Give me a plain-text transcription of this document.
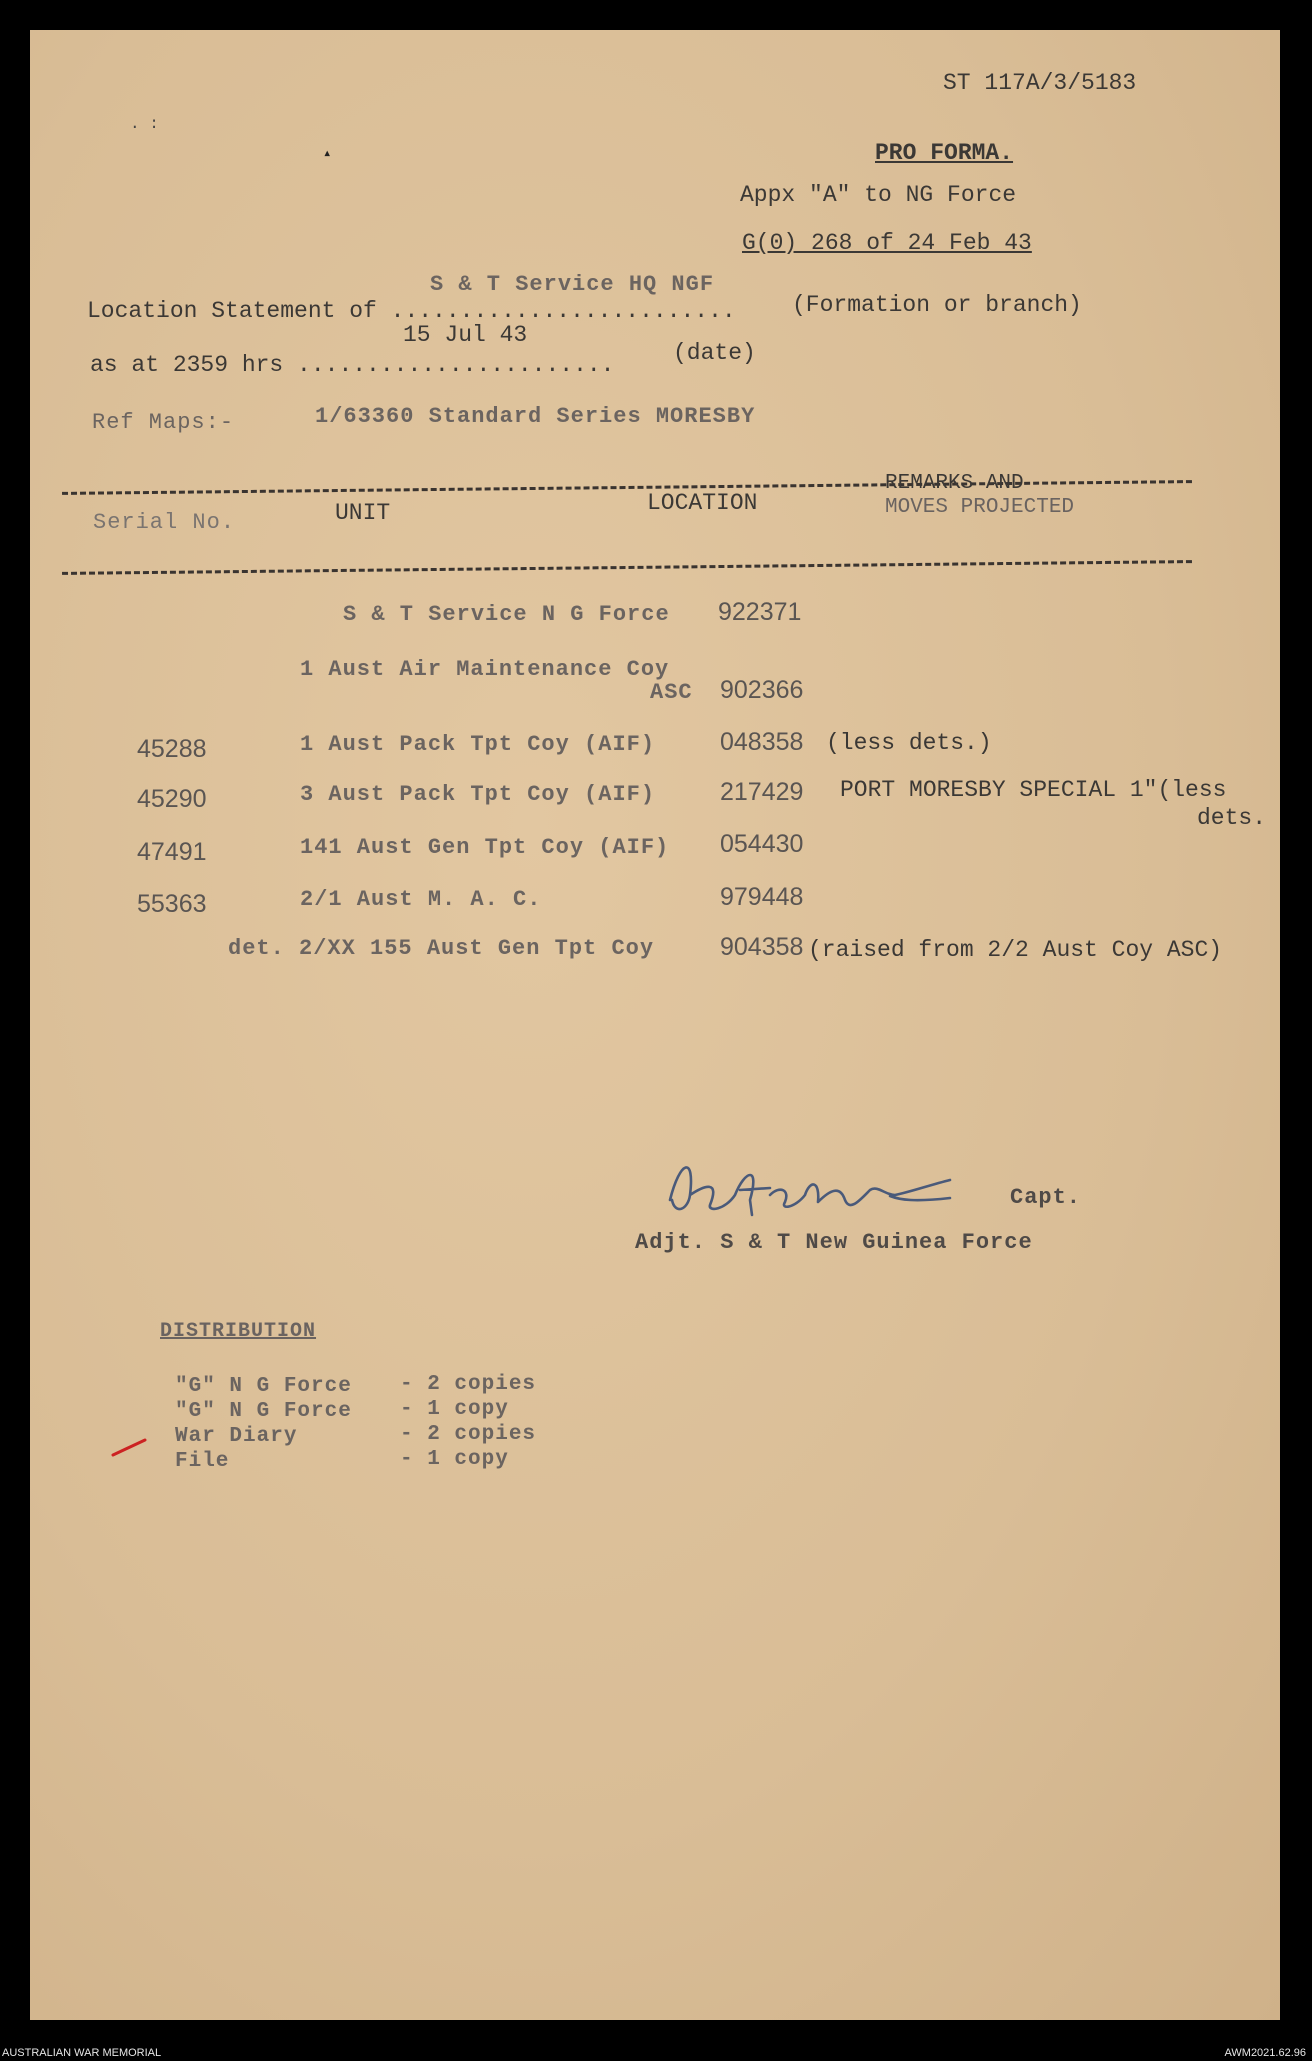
ST 117A/3/5183
PRO FORMA.
Appx "A" to NG Force
G(0) 268 of 24 Feb 43
S & T Service HQ NGF
Location Statement of ......................... (Formation or branch)
15 Jul 43
as at 2359 hrs .......................	(date)
Ref Maps:-	1/63360 Standard Series MORESBY
Serial No.	UNIT	LOCATION
REMARKS AND
MOVES PROJECTED
S & T Service N G Force 922371
1 Aust Air Maintenance Coy
ASC 902366
45288	1 Aust Pack Tpt Coy (AIF)	048358 (less dets.)
45290	3 Aust Pack Tpt Coy (AIF)	217429 PORT MORESBY SPECIAL 1"(less
dets.
47491	141 Aust Gen Tpt Coy (AIF) 054430
55363	2/1 Aust M. A. C.	979448
det. 2/XX 155 Aust Gen Tpt Coy	904358 (raised from 2/2 Aust Coy ASC)
Capt.
Adjt. S & T New Guinea Force
DISTRIBUTION
"G" N G Force - 2 copies
"G" N G Force - 1 copy
War Diary	- 2 copies
File	- 1 copy
. :
▴
AUSTRALIAN WAR MEMORIAL	AWM2021.62.96
